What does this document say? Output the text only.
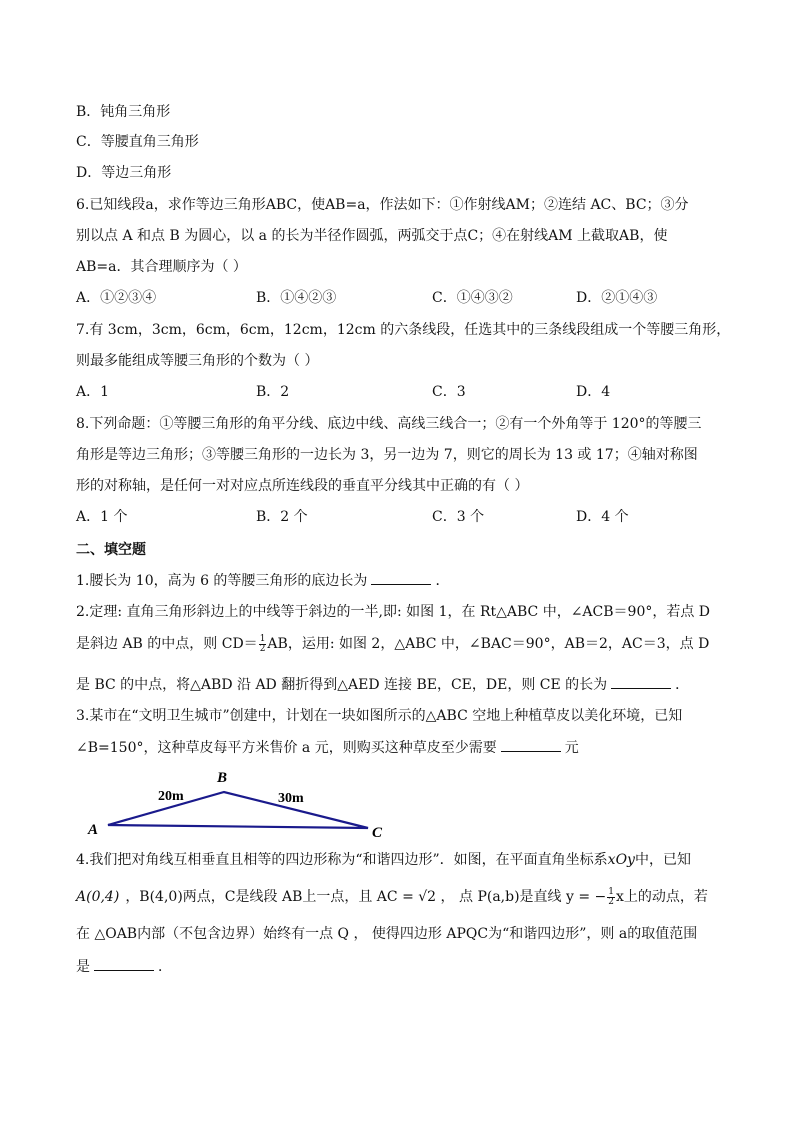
B．钝角三角形
C．等腰直角三角形
D．等边三角形
6.已知线段a，求作等边三角形ABC，使AB=a，作法如下：①作射线AM；②连结 AC、BC；③分
别以点 A 和点 B 为圆心，以 a 的长为半径作圆弧，两弧交于点C；④在射线AM 上截取AB，使
AB=a．其合理顺序为（ ）
A．①②③④	B．①④②③	C．①④③②	D．②①④③
7.有 3cm，3cm，6cm，6cm，12cm，12cm 的六条线段，任选其中的三条线段组成一个等腰三角形，
则最多能组成等腰三角形的个数为（ ）
A．1	B．2	C．3	D．4
8.下列命题：①等腰三角形的角平分线、底边中线、高线三线合一；②有一个外角等于 120°的等腰三
角形是等边三角形；③等腰三角形的一边长为 3，另一边为 7，则它的周长为 13 或 17；④轴对称图
形的对称轴，是任何一对对应点所连线段的垂直平分线其中正确的有（ ）
A．1 个	B．2 个	C．3 个	D．4 个
二、填空题
1.腰长为 10，高为 6 的等腰三角形的底边长为	．
2.定理: 直角三角形斜边上的中线等于斜边的一半,即: 如图 1，在 Rt△ABC 中，∠ACB＝90°，若点 D
是斜边 AB 的中点，则 $CD= \frac{1}{2}$ AB，运用: 如图 2，△ABC 中，∠BAC＝90°，AB＝2，AC＝3，点 D
是 BC 的中点，将△ABD 沿 AD 翻折得到△AED 连接 BE，CE，DE，则 CE 的长为	．
3.某市在“文明卫生城市”创建中，计划在一块如图所示的△ABC 空地上种植草皮以美化环境，已知
∠B=150°，这种草皮每平方米售价 a 元，则购买这种草皮至少需要	元
A
B
C
20m	30m
4.我们把对角线互相垂直且相等的四边形称为“和谐四边形”．如图，在平面直角坐标系xOy中，已知
A(0,4) ，B(4,0)两点，C是线段 AB上一点，且 AC = √2 ， 点 P(a,b)是直线 y = − $\frac{1}{2}$ x上的动点，若
在 △OAB内部（不包含边界）始终有一点 Q ， 使得四边形 APQC为“和谐四边形”，则 a的取值范围
是	．
